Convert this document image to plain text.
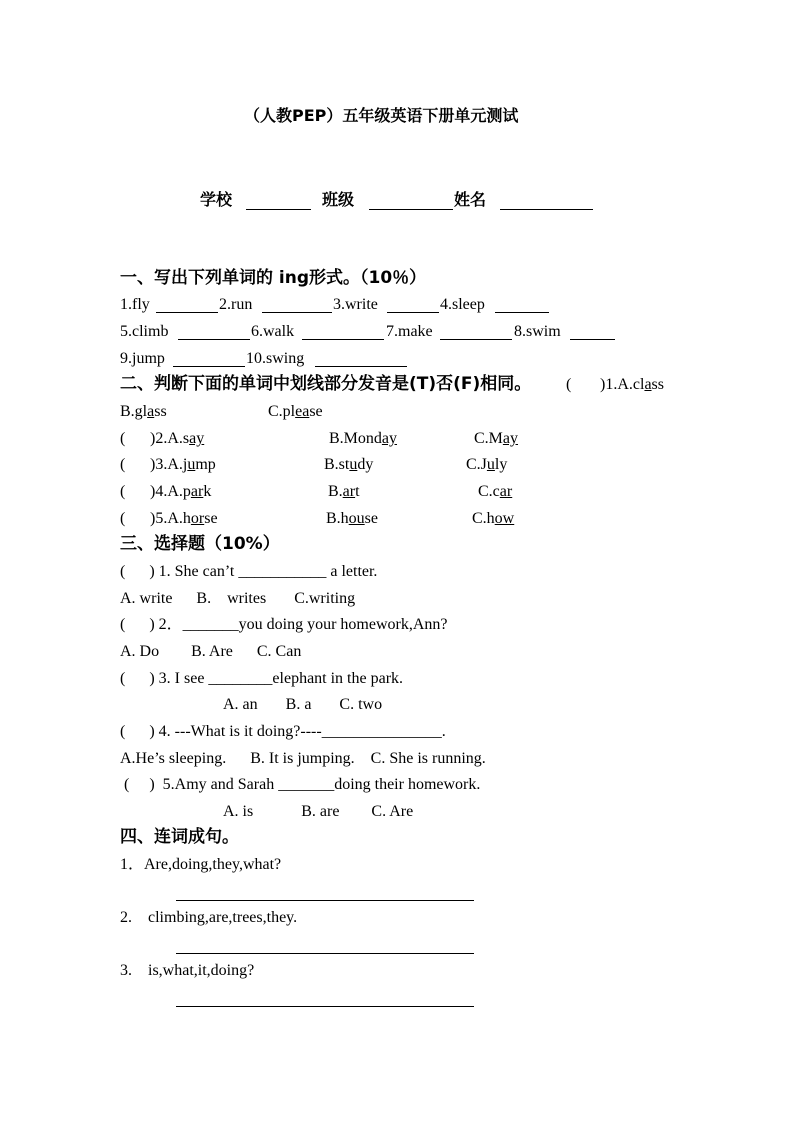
（人教PEP）五年级英语下册单元测试
学校	班级	姓名
一、写出下列单词的 ing形式。（10％）
1.fly	2.run	3.write	4.sleep
5.climb	6.walk	7.make	8.swim
9.jump	10.swing
二、判断下面的单词中划线部分发音是(T)否(F)相同。 ( )1.A.class
B.glass	C.please
( )2.A.say	B.Monday	C.May
( )3.A.jump	B.study	C.July
( )4.A.park	B.art	C.car
( )5.A.horse	B.house	C.how
三、选择题（10%）
(      ) 1. She can’t ___________ a letter.
A. write      B.    writes       C.writing
(      ) 2．_______you doing your homework,Ann?
A. Do        B. Are      C. Can
(      ) 3. I see ________elephant in the park.
A. an       B. a       C. two
(      ) 4. ---What is it doing?----_______________.
A.He’s sleeping.      B. It is jumping.    C. She is running.
(     )  5.Amy and Sarah _______doing their homework.
A. is            B. are        C. Are
四、连词成句。
1．Are,doing,they,what?
2.    climbing,are,trees,they.
3.    is,what,it,doing?
